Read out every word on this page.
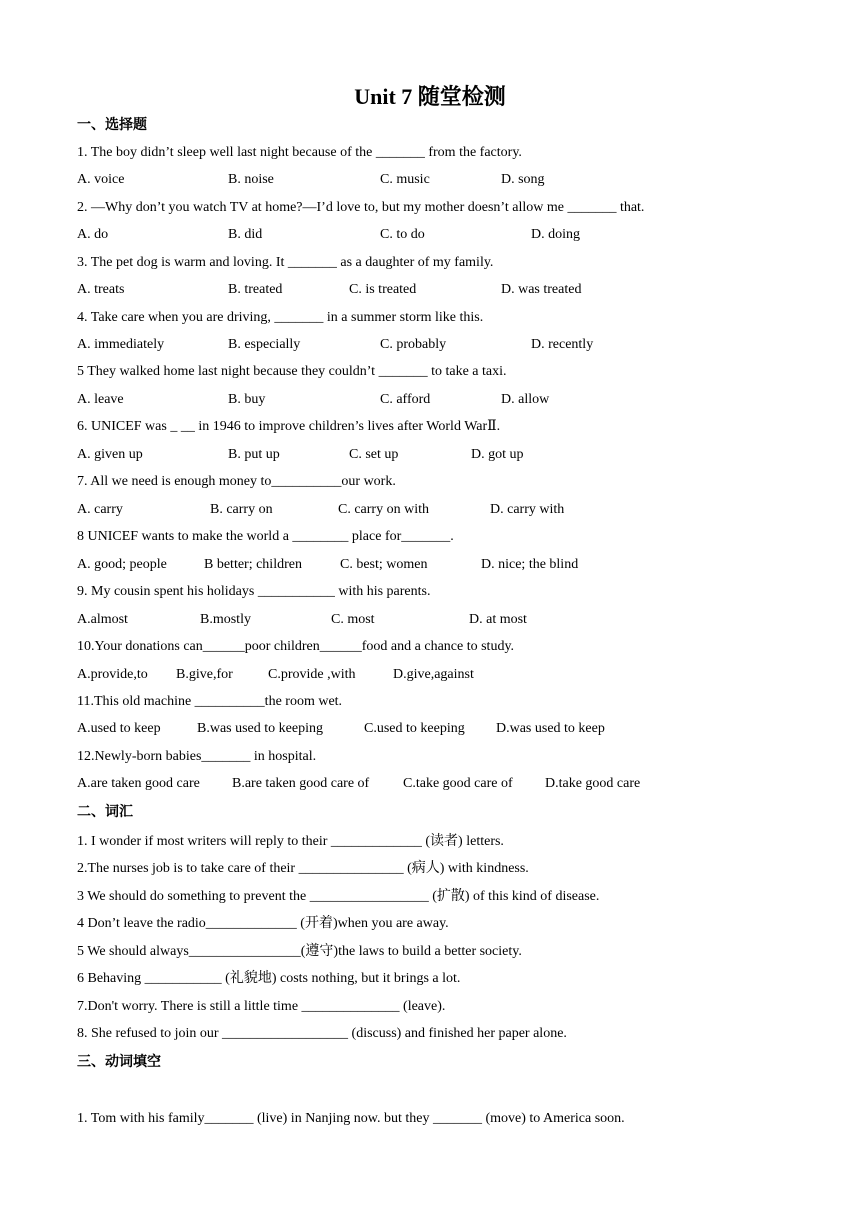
Unit 7 随堂检测
一、选择题
1. The boy didn’t sleep well last night because of the _______ from the factory.
A. voice	B. noise	C. music	D. song
2. —Why don’t you watch TV at home?—I’d love to, but my mother doesn’t allow me _______ that.
A. do	B. did	C. to do	D. doing
3. The pet dog is warm and loving. It _______ as a daughter of my family.
A. treats	B. treated	C. is treated	D. was treated
4. Take care when you are driving, _______ in a summer storm like this.
A. immediately	B. especially	C. probably	D. recently
5 They walked home last night because they couldn’t _______ to take a taxi.
A. leave	B. buy	C. afford	D. allow
6. UNICEF was _ __ in 1946 to improve children’s lives after World WarⅡ.
A. given up	B. put up	C. set up	D. got up
7. All we need is enough money to__________our work.
A. carry	B. carry on	C. carry on with	D. carry with
8 UNICEF wants to make the world a ________ place for_______.
A. good; people	B better; children	C. best; women	D. nice; the blind
9. My cousin spent his holidays ___________ with his parents.
A.almost	B.mostly	C. most	D. at most
10.Your donations can______poor children______food and a chance to study.
A.provide,to B.give,for	C.provide ,with	D.give,against
11.This old machine __________the room wet.
A.used to keep	B.was used to keeping	C.used to keeping D.was used to keep
12.Newly-born babies_______ in hospital.
A.are taken good care B.are taken good care of C.take good care of D.take good care
二、词汇
1. I wonder if most writers will reply to their _____________ (读者) letters.
2.The nurses job is to take care of their _______________ (病人) with kindness.
3 We should do something to prevent the _________________ (扩散) of this kind of disease.
4 Don’t leave the radio_____________ (开着)when you are away.
5 We should always________________(遵守)the laws to build a better society.
6 Behaving ___________ (礼貌地) costs nothing, but it brings a lot.
7.Don't worry. There is still a little time ______________ (leave).
8. She refused to join our __________________ (discuss) and finished her paper alone.
三、动词填空
1. Tom with his family_______ (live) in Nanjing now. but they _______ (move) to America soon.
